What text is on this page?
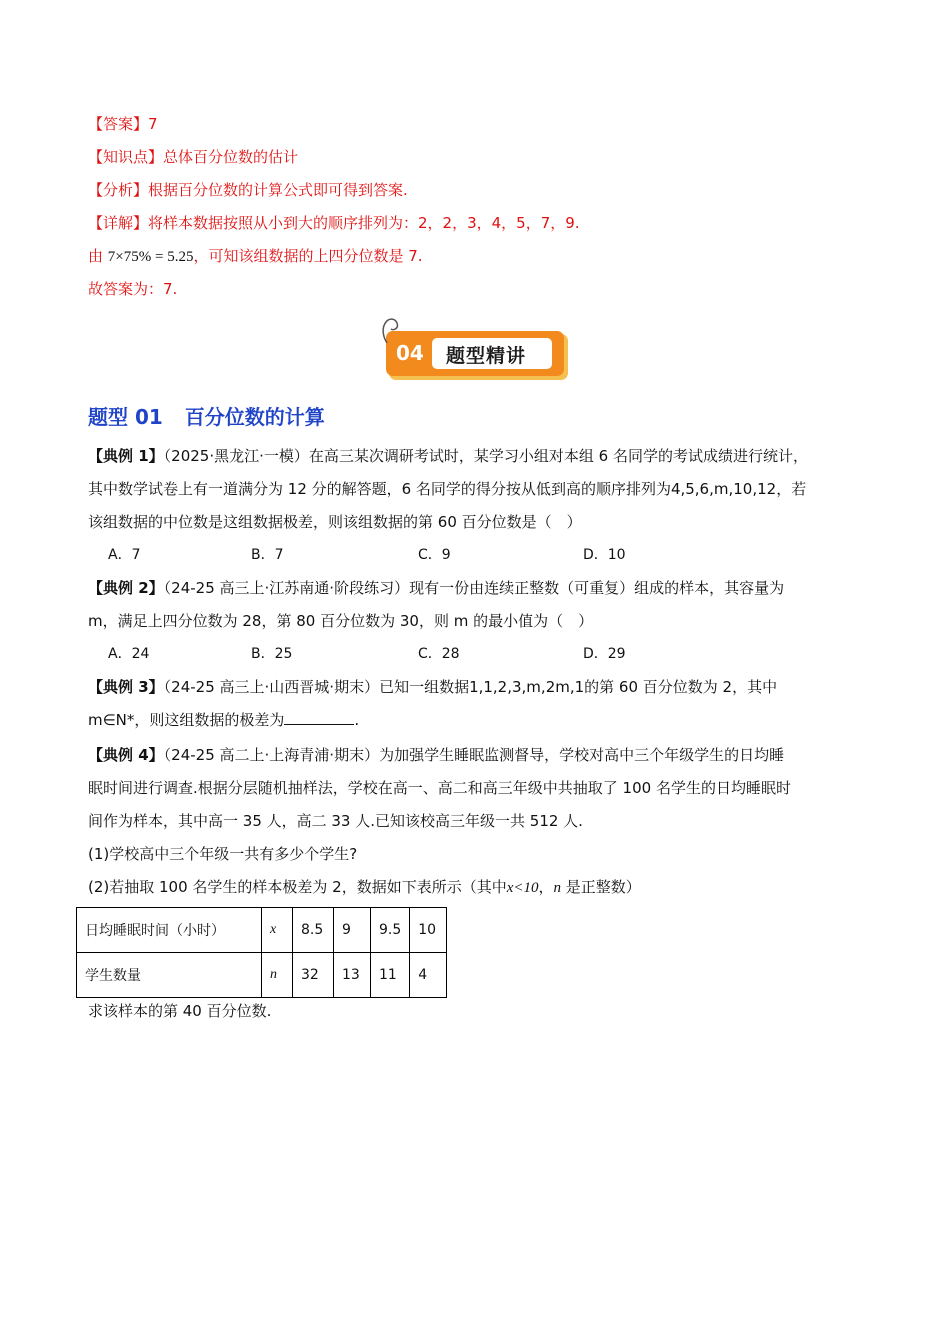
【答案】7
【知识点】总体百分位数的估计
【分析】根据百分位数的计算公式即可得到答案.
【详解】将样本数据按照从小到大的顺序排列为：2，2，3，4，5，7，9.
由 7×75% = 5.25，可知该组数据的上四分位数是 7.
故答案为：7.
04 题型精讲
题型 01 百分位数的计算
【典例 1】（2025·黑龙江·一模）在高三某次调研考试时，某学习小组对本组 6 名同学的考试成绩进行统计，
其中数学试卷上有一道满分为 12 分的解答题，6 名同学的得分按从低到高的顺序排列为4,5,6,m,10,12，若
该组数据的中位数是这组数据极差，则该组数据的第 60 百分位数是（　）
A．7	B．7	C．9	D．10
【典例 2】（24-25 高三上·江苏南通·阶段练习）现有一份由连续正整数（可重复）组成的样本，其容量为
m，满足上四分位数为 28，第 80 百分位数为 30，则 m 的最小值为（　）
A．24	B．25	C．28	D．29
【典例 3】（24-25 高三上·山西晋城·期末）已知一组数据1,1,2,3,m,2m,1的第 60 百分位数为 2，其中
m∈N*，则这组数据的极差为	.
【典例 4】（24-25 高二上·上海青浦·期末）为加强学生睡眠监测督导，学校对高中三个年级学生的日均睡
眠时间进行调查.根据分层随机抽样法，学校在高一、高二和高三年级中共抽取了 100 名学生的日均睡眠时
间作为样本，其中高一 35 人，高二 33 人.已知该校高三年级一共 512 人.
(1)学校高中三个年级一共有多少个学生?
(2)若抽取 100 名学生的样本极差为 2，数据如下表所示（其中x<10，n 是正整数）
日均睡眠时间（小时）	x	8.5	9	9.5	10
学生数量	n	32	13	11	4
求该样本的第 40 百分位数.
